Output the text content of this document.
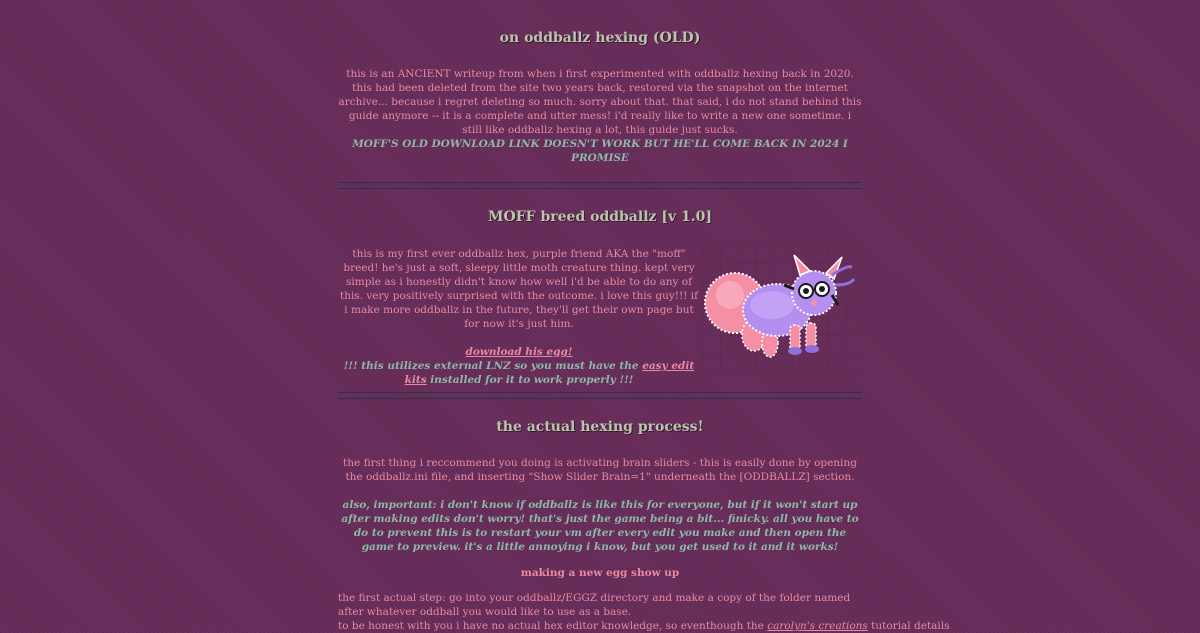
on oddballz hexing (OLD)

this is an ANCIENT writeup from when i first experimented with oddballz hexing back in 2020. this had been deleted from the site two years back, restored via the snapshot on the internet archive... because i regret deleting so much. sorry about that. that said, i do not stand behind this guide anymore -- it is a complete and utter mess! i'd really like to write a new one sometime. i still like oddballz hexing a lot, this guide just sucks.

MOFF'S OLD DOWNLOAD LINK DOESN'T WORK BUT HE'LL COME BACK IN 2024 I PROMISE

MOFF breed oddballz [v 1.0]

this is my first ever oddballz hex, purple friend AKA the "moff" breed! he's just a soft, sleepy little moth creature thing. kept very simple as i honestly didn't know how well i'd be able to do any of this. very positively surprised with the outcome. i love this guy!!! if i make more oddballz in the future, they'll get their own page but for now it's just him.

download his egg!

!!! this utilizes external LNZ so you must have the easy edit kits installed for it to work properly !!!

the actual hexing process!

the first thing i reccommend you doing is activating brain sliders - this is easily done by opening the oddballz.ini file, and inserting "Show Slider Brain=1" underneath the [ODDBALLZ] section.

also, important: i don't know if oddballz is like this for everyone, but if it won't start up after making edits don't worry! that's just the game being a bit... finicky. all you have to do to prevent this is to restart your vm after every edit you make and then open the game to preview. it's a little annoying i know, but you get used to it and it works!

making a new egg show up

the first actual step: go into your oddballz/EGGZ directory and make a copy of the folder named after whatever oddball you would like to use as a base.

to be honest with you i have no actual hex editor knowledge, so eventhough the carolyn's creations tutorial details
